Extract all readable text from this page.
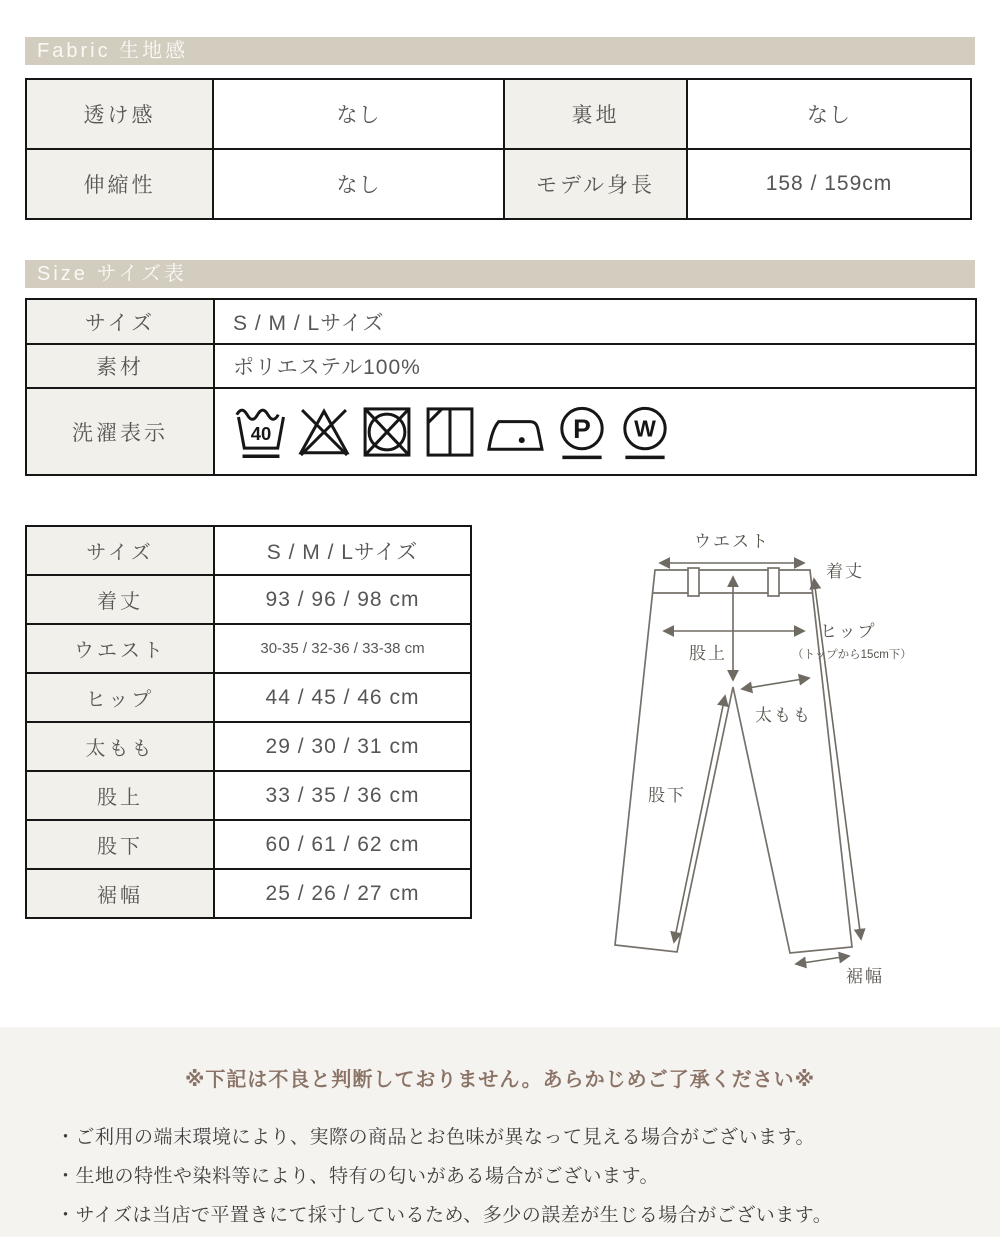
Fabric 生地感
透け感	なし	裏地	なし
伸縮性	なし	モデル身長	158 / 159cm
Size サイズ表
サイズ	S / M / Lサイズ
素材	ポリエステル100%
洗濯表示	40 P W
サイズ	S / M / Lサイズ
着丈	93 / 96 / 98 cm
ウエスト	30-35 / 32-36 / 33-38 cm
ヒップ	44 / 45 / 46 cm
太もも	29 / 30 / 31 cm
股上	33 / 35 / 36 cm
股下	60 / 61 / 62 cm
裾幅	25 / 26 / 27 cm
ウエスト
着丈
ヒップ
（トップから15cm下）
股上
太もも
股下
裾幅
※下記は不良と判断しておりません。あらかじめご了承ください※
・ご利用の端末環境により、実際の商品とお色味が異なって見える場合がございます。
・生地の特性や染料等により、特有の匂いがある場合がございます。
・サイズは当店で平置きにて採寸しているため、多少の誤差が生じる場合がございます。
